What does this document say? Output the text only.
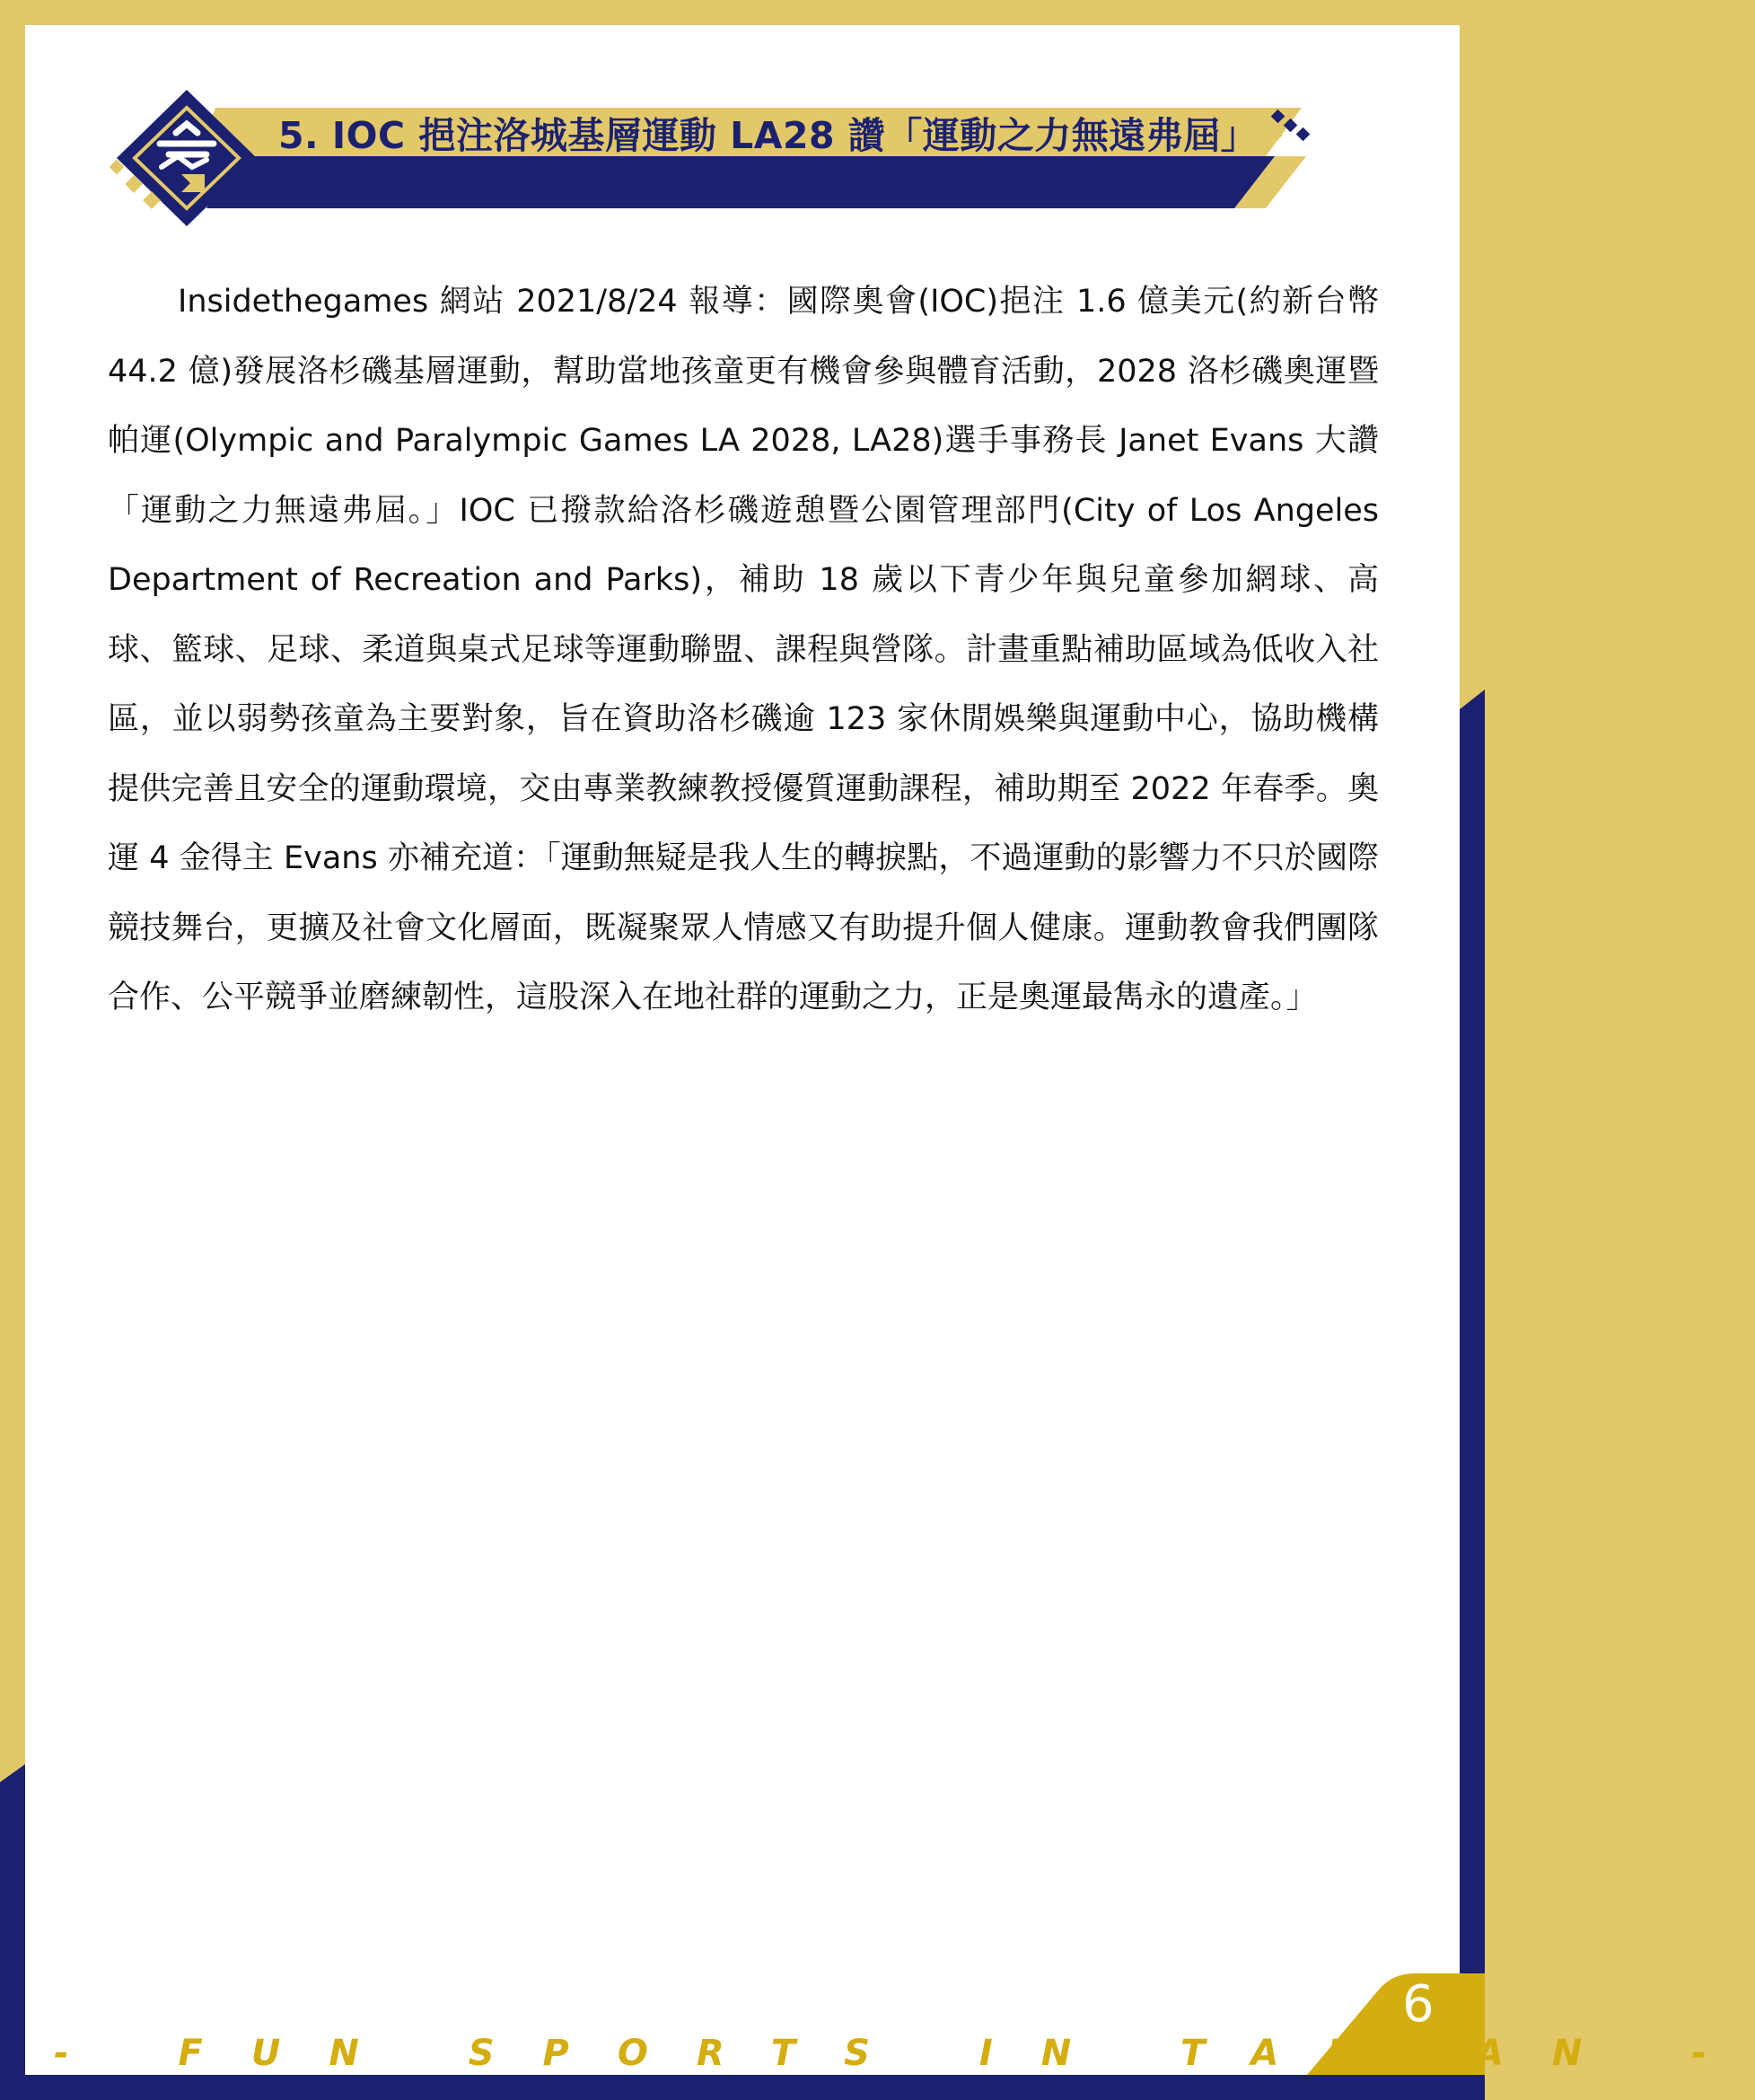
5. IOC 挹注洛城基層運動 LA28 讚「運動之力無遠弗屆」

Insidethegames 網站 2021/8/24 報導：國際奧會(IOC)挹注 1.6 億美元(約新台幣 44.2 億)發展洛杉磯基層運動，幫助當地孩童更有機會參與體育活動，2028 洛杉磯奧運暨帕運(Olympic and Paralympic Games LA 2028, LA28)選手事務長 Janet Evans 大讚「運動之力無遠弗屆。」IOC 已撥款給洛杉磯遊憩暨公園管理部門(City of Los Angeles Department of Recreation and Parks)，補助 18 歲以下青少年與兒童參加網球、高球、籃球、足球、柔道與桌式足球等運動聯盟、課程與營隊。計畫重點補助區域為低收入社區，並以弱勢孩童為主要對象，旨在資助洛杉磯逾 123 家休閒娛樂與運動中心，協助機構提供完善且安全的運動環境，交由專業教練教授優質運動課程，補助期至 2022 年春季。奧運 4 金得主 Evans 亦補充道：「運動無疑是我人生的轉捩點，不過運動的影響力不只於國際競技舞台，更擴及社會文化層面，既凝聚眾人情感又有助提升個人健康。運動教會我們團隊合作、公平競爭並磨練韌性，這股深入在地社群的運動之力，正是奧運最雋永的遺產。」

- FUN SPORTS IN TAIWAN -
6
